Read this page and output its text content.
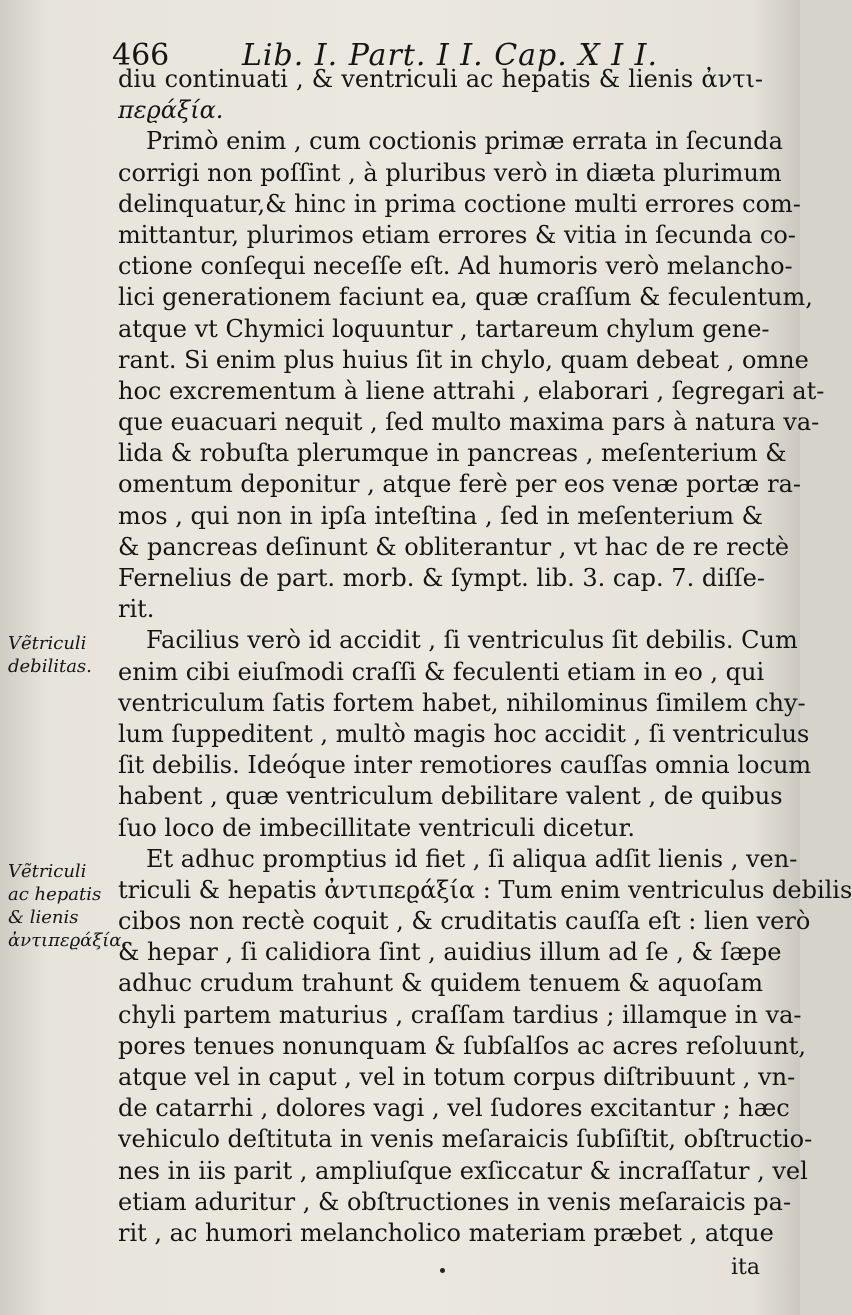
466 Lib. I. Part. I I. Cap. X I I.
diu continuati , & ventriculi ac hepatis & lienis ἀντι-
πεϱάξία.
Primò enim , cum coctionis primæ errata in ſecunda
corrigi non poſſint , à pluribus verò in diæta plurimum
delinquatur,& hinc in prima coctione multi errores com-
mittantur, plurimos etiam errores & vitia in ſecunda co-
ctione conſequi neceſſe eſt. Ad humoris verò melancho-
lici generationem faciunt ea, quæ craſſum & feculentum,
atque vt Chymici loquuntur , tartareum chylum gene-
rant. Si enim plus huius ſit in chylo, quam debeat , omne
hoc excrementum à liene attrahi , elaborari , ſegregari at-
que euacuari nequit , ſed multo maxima pars à natura va-
lida & robuſta plerumque in pancreas , meſenterium &
omentum deponitur , atque ferè per eos venæ portæ ra-
mos , qui non in ipſa inteſtina , ſed in meſenterium &
& pancreas deſinunt & obliterantur , vt hac de re rectè
Fernelius de part. morb. & ſympt. lib. 3. cap. 7. diſſe-
rit.
Facilius verò id accidit , ſi ventriculus ſit debilis. Cum
enim cibi eiuſmodi craſſi & feculenti etiam in eo , qui
ventriculum ſatis fortem habet, nihilominus ſimilem chy-
lum ſuppeditent , multò magis hoc accidit , ſi ventriculus
ſit debilis. Ideóque inter remotiores cauſſas omnia locum
habent , quæ ventriculum debilitare valent , de quibus
ſuo loco de imbecillitate ventriculi dicetur.
Et adhuc promptius id fiet , ſi aliqua adſit lienis , ven-
triculi & hepatis ἀντιπεϱάξία : Tum enim ventriculus debilis
cibos non rectè coquit , & cruditatis cauſſa eſt : lien verò
& hepar , ſi calidiora ſint , auidius illum ad ſe , & ſæpe
adhuc crudum trahunt & quidem tenuem & aquoſam
chyli partem maturius , craſſam tardius ; illamque in va-
pores tenues nonunquam & ſubſalſos ac acres reſoluunt,
atque vel in caput , vel in totum corpus diſtribuunt , vn-
de catarrhi , dolores vagi , vel ſudores excitantur ; hæc
vehiculo deſtituta in venis meſaraicis ſubſiſtit, obſtructio-
nes in iis parit , ampliuſque exſiccatur & incraſſatur , vel
etiam aduritur , & obſtructiones in venis meſaraicis pa-
rit , ac humori melancholico materiam præbet , atque
Vẽtriculi debilitas.
Vẽtriculi ac hepatis & lienis ἀντιπεϱάξία.
ita
